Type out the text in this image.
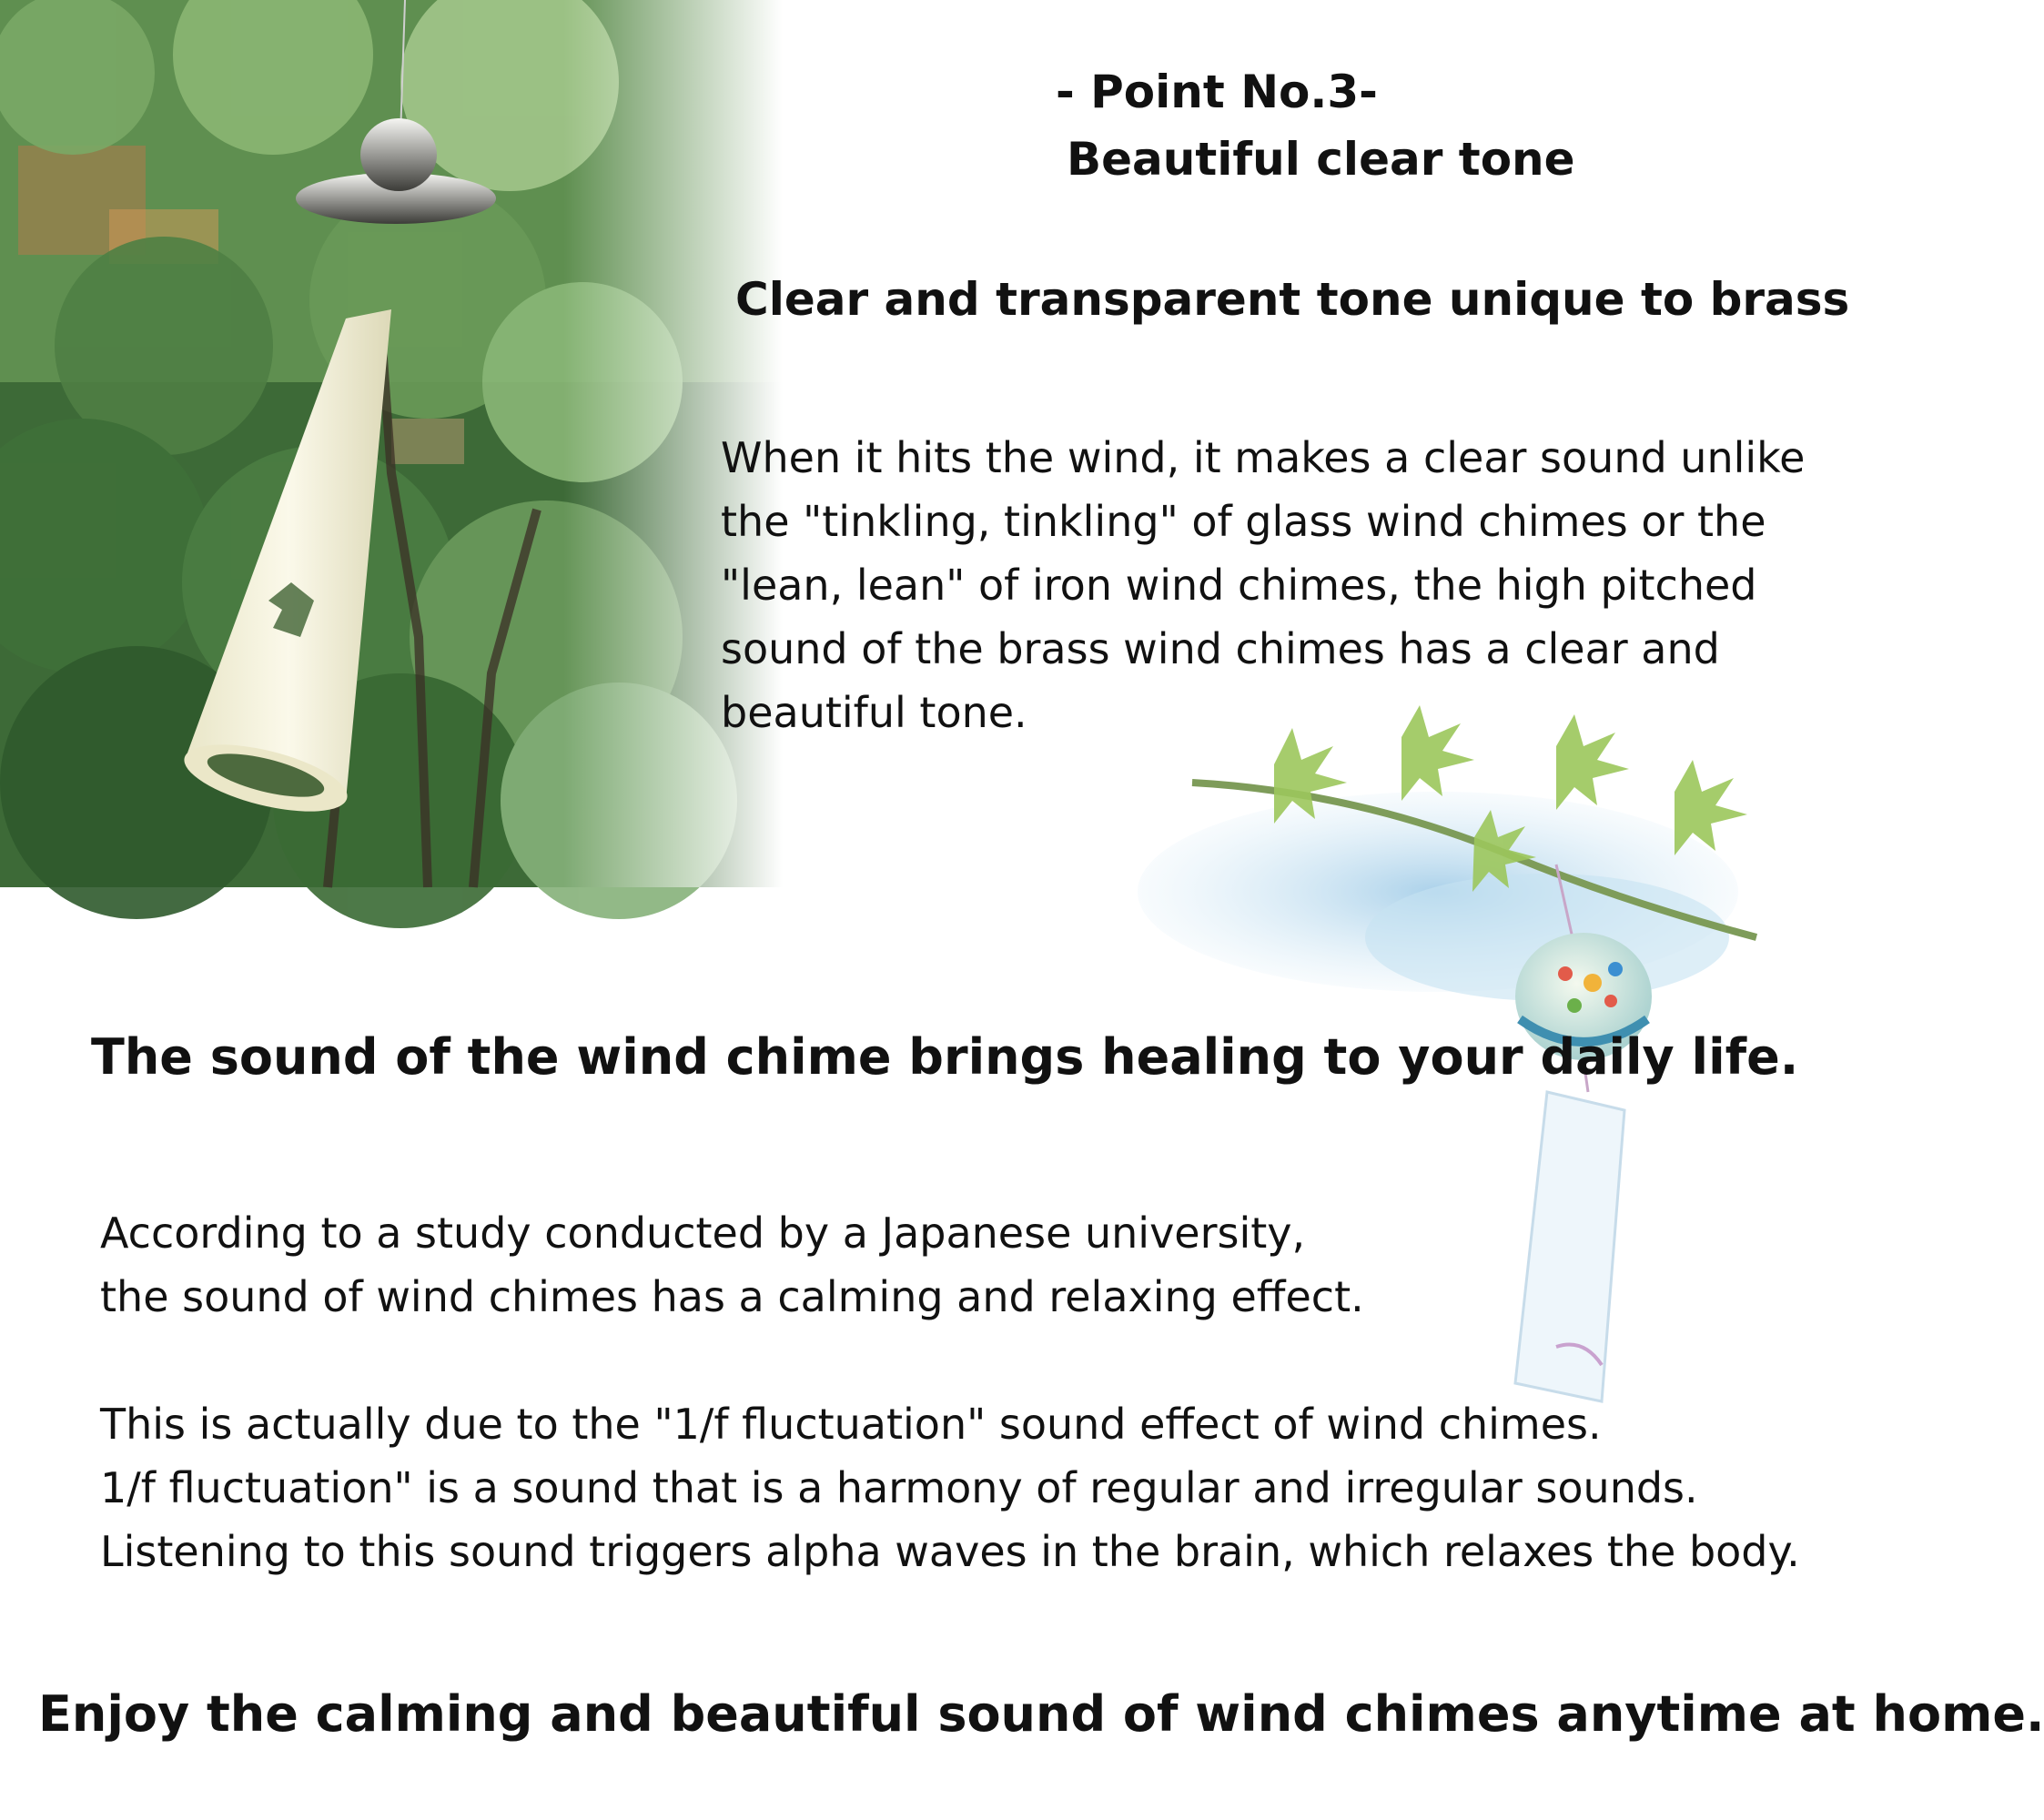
- Point No.3-
Beautiful clear tone
Clear and transparent tone unique to brass
When it hits the wind, it makes a clear sound unlike
the "tinkling, tinkling" of glass wind chimes or the
"lean, lean" of iron wind chimes, the high pitched
sound of the brass wind chimes has a clear and
beautiful tone.
The sound of the wind chime brings healing to your daily life.
According to a study conducted by a Japanese university,
the sound of wind chimes has a calming and relaxing effect.
This is actually due to the "1/f fluctuation" sound effect of wind chimes.
1/f fluctuation" is a sound that is a harmony of regular and irregular sounds.
Listening to this sound triggers alpha waves in the brain, which relaxes the body.
Enjoy the calming and beautiful sound of wind chimes anytime at home.
